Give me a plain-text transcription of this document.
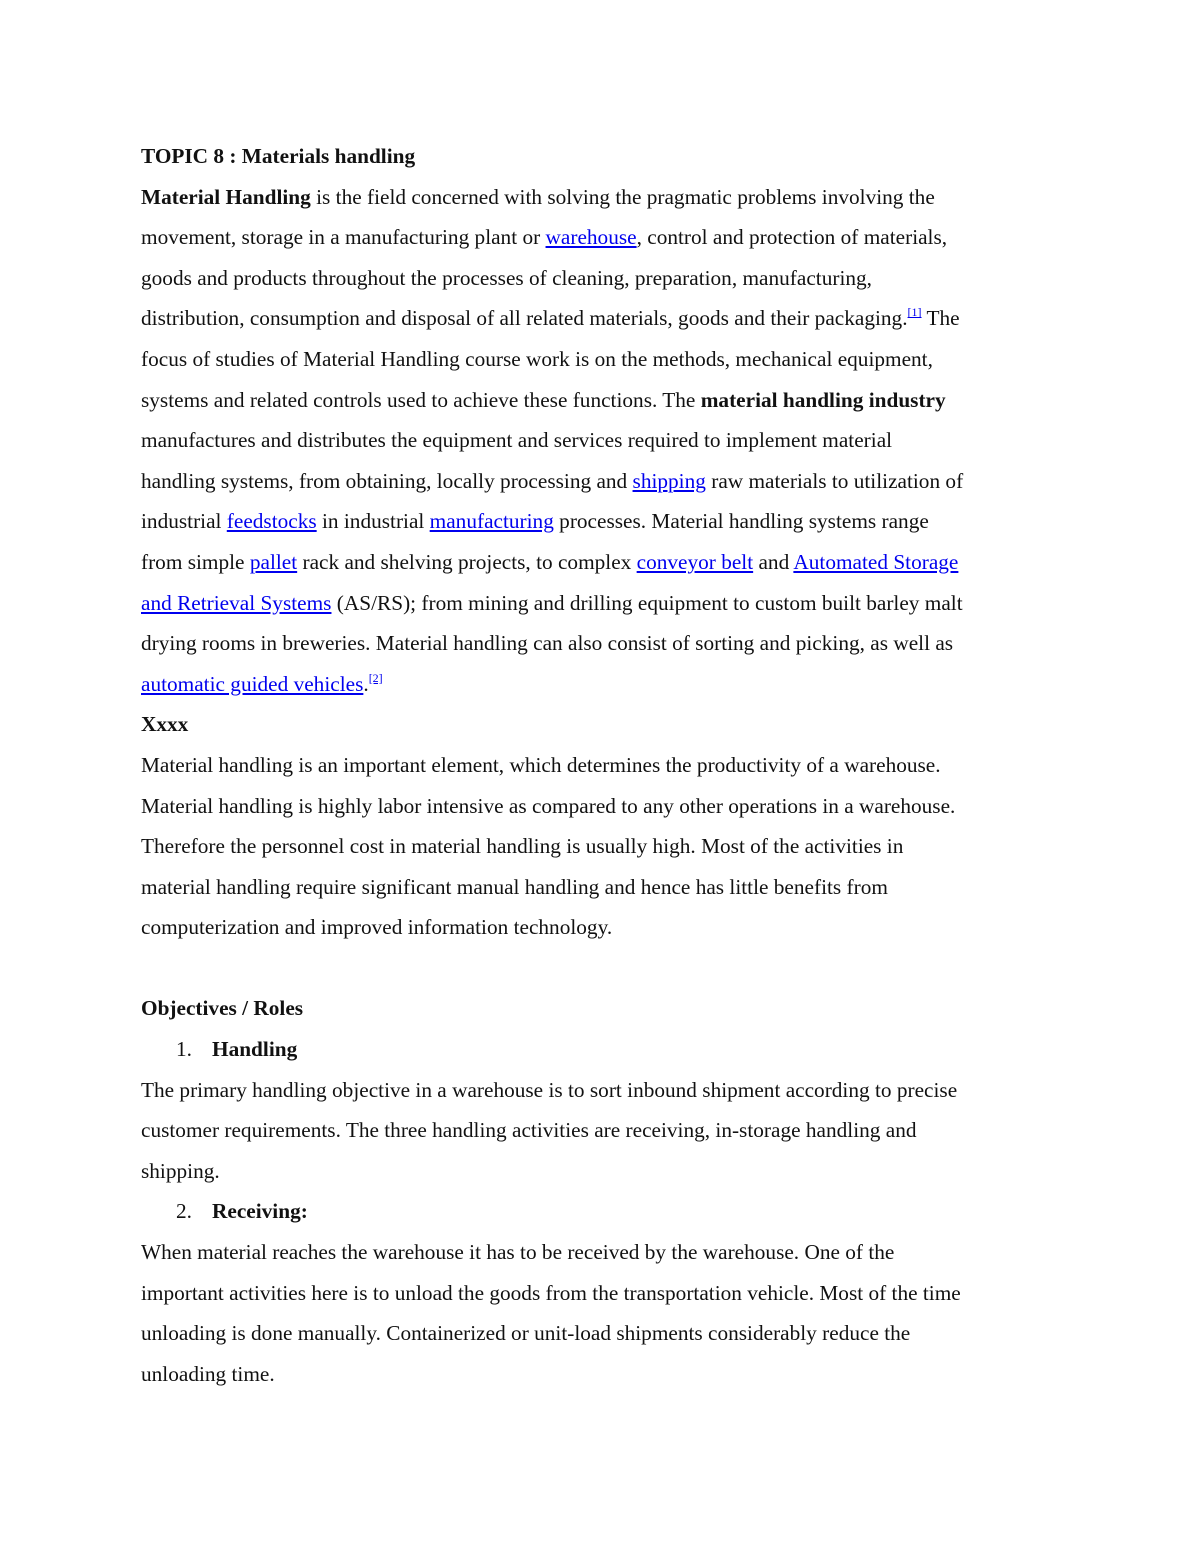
TOPIC 8 : Materials handling
Material Handling is the field concerned with solving the pragmatic problems involving the
movement, storage in a manufacturing plant or warehouse, control and protection of materials,
goods and products throughout the processes of cleaning, preparation, manufacturing,
distribution, consumption and disposal of all related materials, goods and their packaging.[1] The
focus of studies of Material Handling course work is on the methods, mechanical equipment,
systems and related controls used to achieve these functions. The material handling industry
manufactures and distributes the equipment and services required to implement material
handling systems, from obtaining, locally processing and shipping raw materials to utilization of
industrial feedstocks in industrial manufacturing processes. Material handling systems range
from simple pallet rack and shelving projects, to complex conveyor belt and Automated Storage
and Retrieval Systems (AS/RS); from mining and drilling equipment to custom built barley malt
drying rooms in breweries. Material handling can also consist of sorting and picking, as well as
automatic guided vehicles.[2]
Xxxx
Material handling is an important element, which determines the productivity of a warehouse.
Material handling is highly labor intensive as compared to any other operations in a warehouse.
Therefore the personnel cost in material handling is usually high. Most of the activities in
material handling require significant manual handling and hence has little benefits from
computerization and improved information technology.
Objectives / Roles
1. Handling
The primary handling objective in a warehouse is to sort inbound shipment according to precise
customer requirements. The three handling activities are receiving, in-storage handling and
shipping.
2. Receiving:
When material reaches the warehouse it has to be received by the warehouse. One of the
important activities here is to unload the goods from the transportation vehicle. Most of the time
unloading is done manually. Containerized or unit-load shipments considerably reduce the
unloading time.
